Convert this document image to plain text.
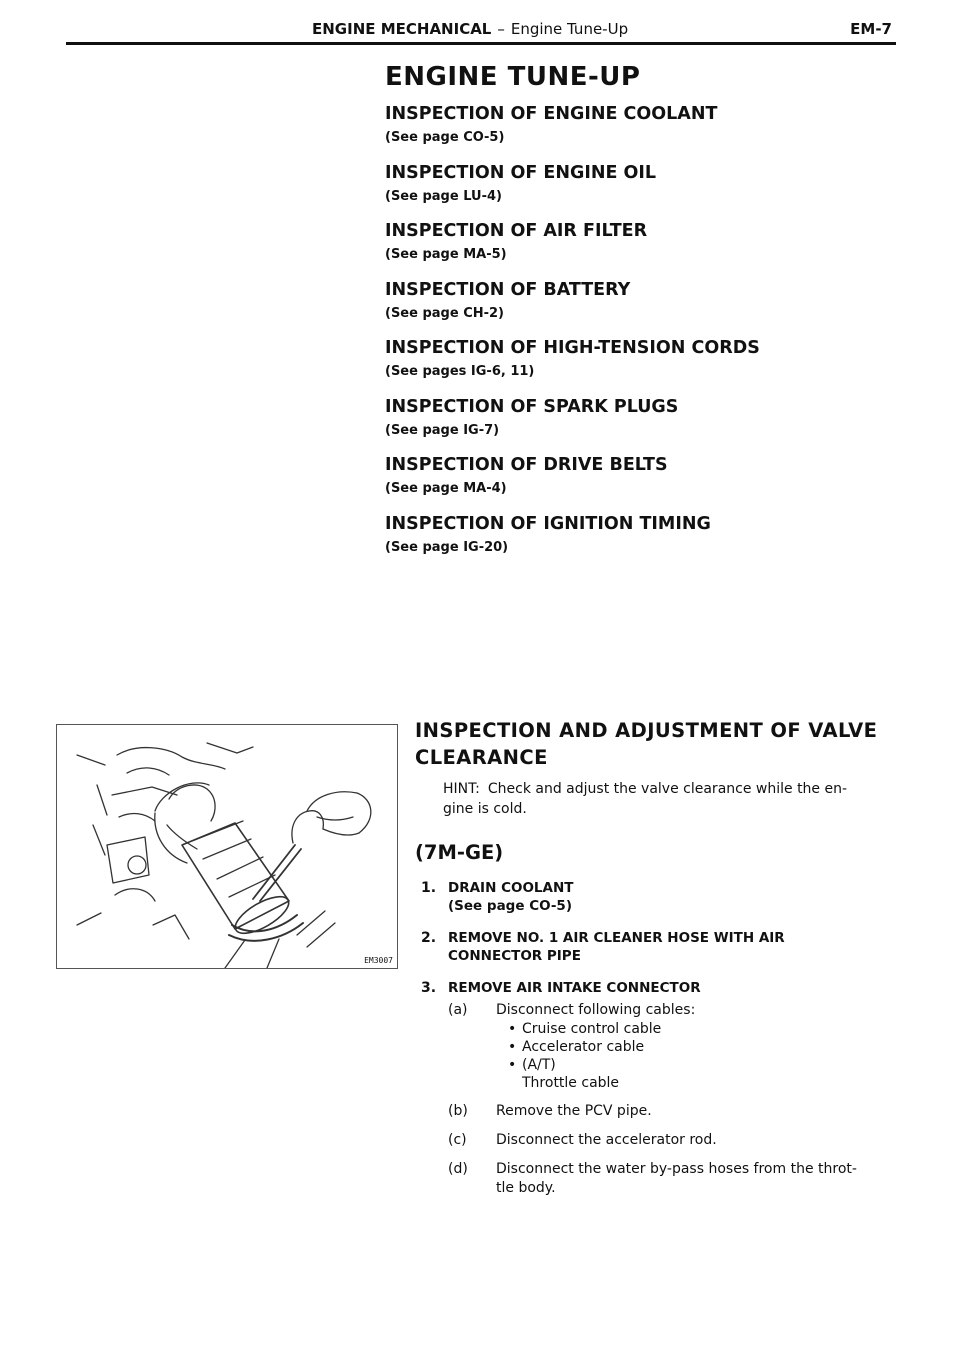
ENGINE MECHANICAL – Engine Tune-Up	EM-7
ENGINE TUNE-UP
INSPECTION OF ENGINE COOLANT
(See page CO-5)
INSPECTION OF ENGINE OIL
(See page LU-4)
INSPECTION OF AIR FILTER
(See page MA-5)
INSPECTION OF BATTERY
(See page CH-2)
INSPECTION OF HIGH-TENSION CORDS
(See pages IG-6, 11)
INSPECTION OF SPARK PLUGS
(See page IG-7)
INSPECTION OF DRIVE BELTS
(See page MA-4)
INSPECTION OF IGNITION TIMING
(See page IG-20)
EM3007
INSPECTION AND ADJUSTMENT OF VALVE
CLEARANCE
HINT: Check and adjust the valve clearance while the en-
gine is cold.
(7M-GE)
1. DRAIN COOLANT
(See page CO-5)
2. REMOVE NO. 1 AIR CLEANER HOSE WITH AIR
CONNECTOR PIPE
3. REMOVE AIR INTAKE CONNECTOR
(a) Disconnect following cables:
• Cruise control cable
• Accelerator cable
• (A/T)
Throttle cable
(b) Remove the PCV pipe.
(c) Disconnect the accelerator rod.
(d) Disconnect the water by-pass hoses from the throt-
tle body.
